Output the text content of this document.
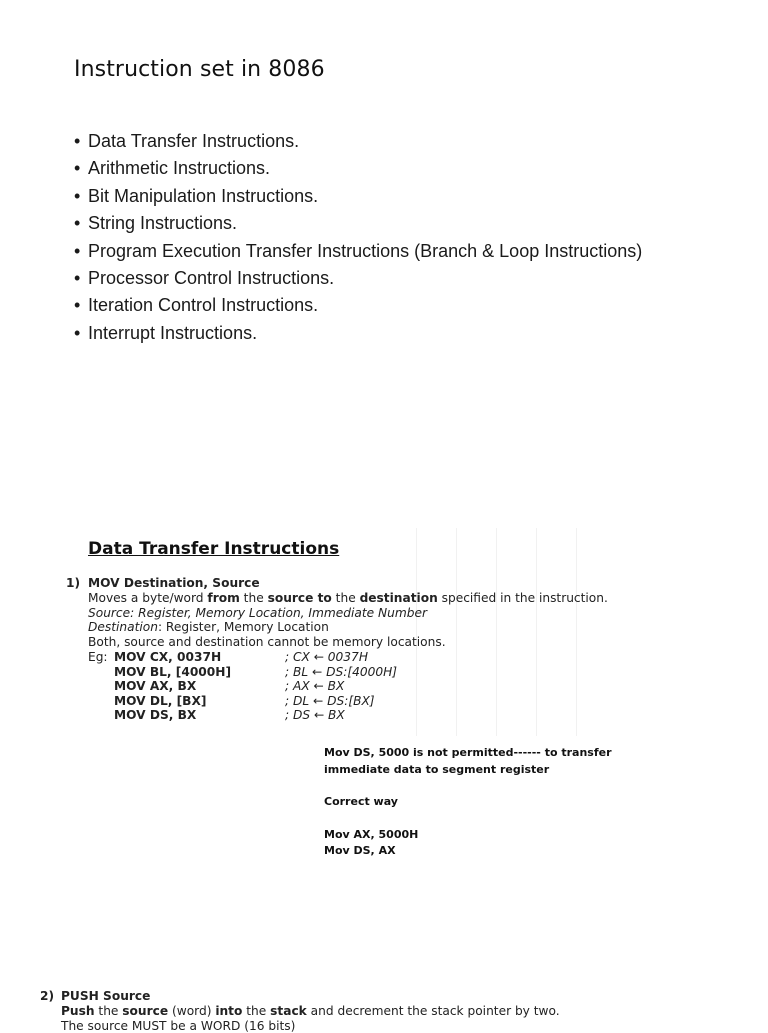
Instruction set in 8086
• Data Transfer Instructions.
• Arithmetic Instructions.
• Bit Manipulation Instructions.
• String Instructions.
• Program Execution Transfer Instructions (Branch & Loop Instructions)
• Processor Control Instructions.
• Iteration Control Instructions.
• Interrupt Instructions.
Data Transfer Instructions
1) MOV Destination, Source
Moves a byte/word from the source to the destination specified in the instruction.
Source: Register, Memory Location, Immediate Number
Destination: Register, Memory Location
Both, source and destination cannot be memory locations.
Eg: MOV CX, 0037H	; CX ← 0037H
MOV BL, [4000H]	; BL ← DS:[4000H]
MOV AX, BX	; AX ← BX
MOV DL, [BX]	; DL ← DS:[BX]
MOV DS, BX	; DS ← BX

Mov DS, 5000 is not permitted------ to transfer immediate data to segment register

Correct way

Mov AX, 5000H

Mov DS, AX

2) PUSH Source
Push the source (word) into the stack and decrement the stack pointer by two.
The source MUST be a WORD (16 bits)
